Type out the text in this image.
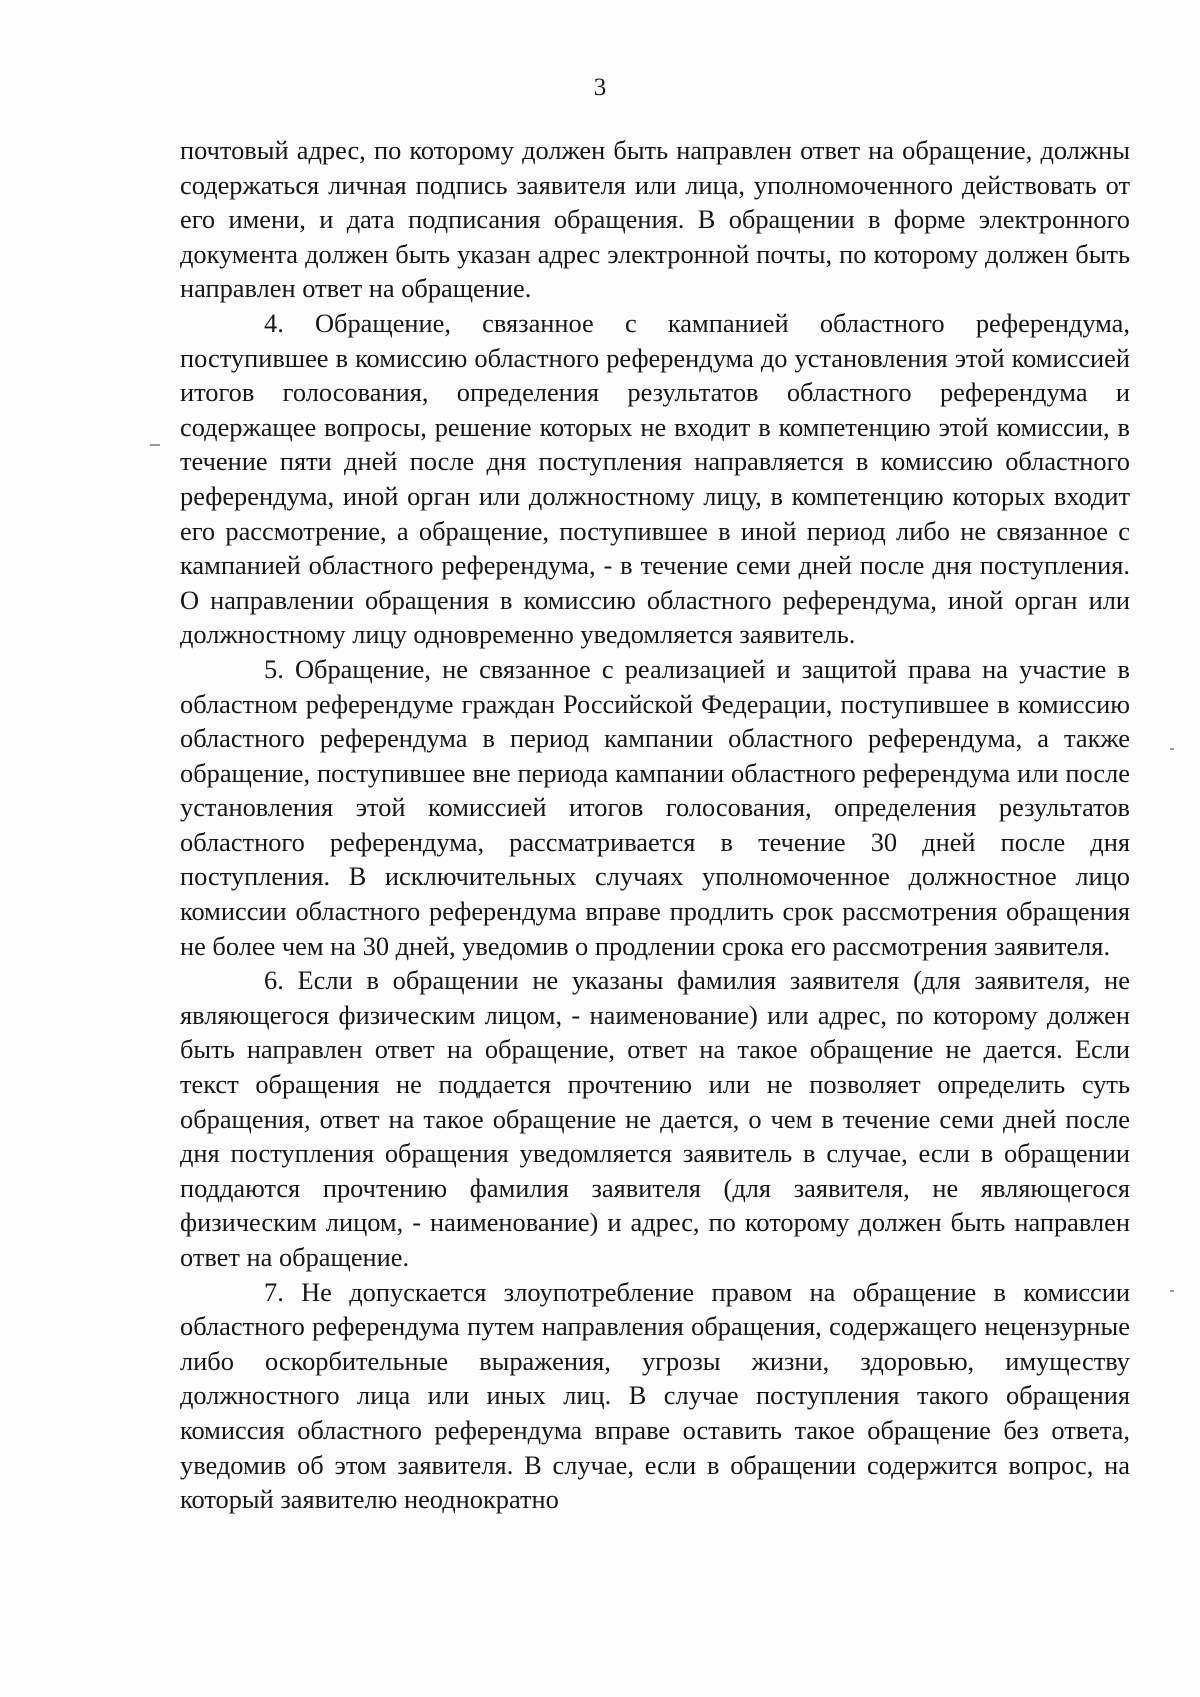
3

почтовый адрес, по которому должен быть направлен ответ на обращение, должны содержаться личная подпись заявителя или лица, уполномоченного действовать от его имени, и дата подписания обращения. В обращении в форме электронного документа должен быть указан адрес электронной почты, по которому должен быть направлен ответ на обращение.

4. Обращение, связанное с кампанией областного референдума, поступившее в комиссию областного референдума до установления этой комиссией итогов голосования, определения результатов областного референдума и содержащее вопросы, решение которых не входит в компетенцию этой комиссии, в течение пяти дней после дня поступления направляется в комиссию областного референдума, иной орган или должностному лицу, в компетенцию которых входит его рассмотрение, а обращение, поступившее в иной период либо не связанное с кампанией областного референдума, - в течение семи дней после дня поступления. О направлении обращения в комиссию областного референдума, иной орган или должностному лицу одновременно уведомляется заявитель.

5. Обращение, не связанное с реализацией и защитой права на участие в областном референдуме граждан Российской Федерации, поступившее в комиссию областного референдума в период кампании областного референдума, а также обращение, поступившее вне периода кампании областного референдума или после установления этой комиссией итогов голосования, определения результатов областного референдума, рассматривается в течение 30 дней после дня поступления. В исключительных случаях уполномоченное должностное лицо комиссии областного референдума вправе продлить срок рассмотрения обращения не более чем на 30 дней, уведомив о продлении срока его рассмотрения заявителя.

6. Если в обращении не указаны фамилия заявителя (для заявителя, не являющегося физическим лицом, - наименование) или адрес, по которому должен быть направлен ответ на обращение, ответ на такое обращение не дается. Если текст обращения не поддается прочтению или не позволяет определить суть обращения, ответ на такое обращение не дается, о чем в течение семи дней после дня поступления обращения уведомляется заявитель в случае, если в обращении поддаются прочтению фамилия заявителя (для заявителя, не являющегося физическим лицом, - наименование) и адрес, по которому должен быть направлен ответ на обращение.

7. Не допускается злоупотребление правом на обращение в комиссии областного референдума путем направления обращения, содержащего нецензурные либо оскорбительные выражения, угрозы жизни, здоровью, имуществу должностного лица или иных лиц. В случае поступления такого обращения комиссия областного референдума вправе оставить такое обращение без ответа, уведомив об этом заявителя. В случае, если в обращении содержится вопрос, на который заявителю неоднократно
